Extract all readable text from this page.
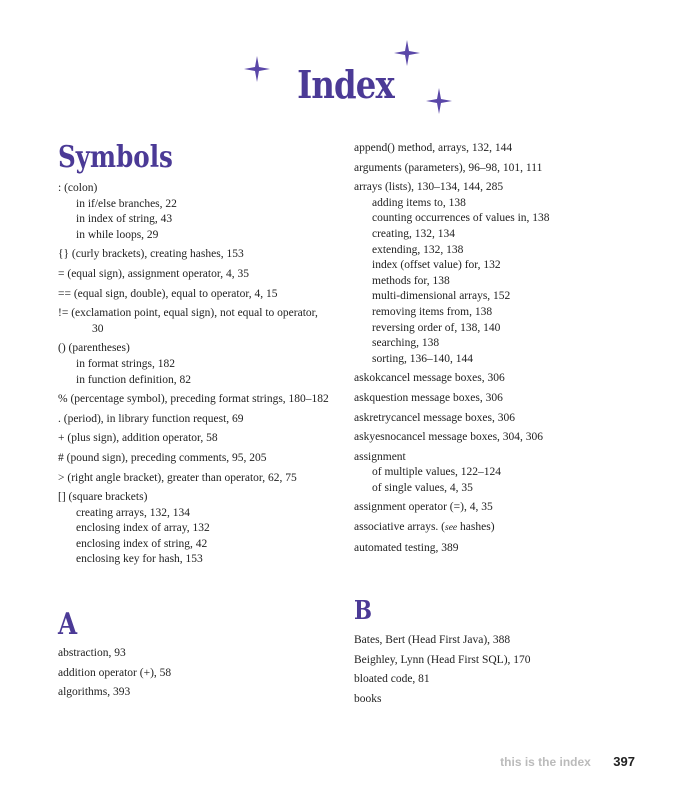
Index
Symbols

: (colon)

in if/else branches, 22

in index of string, 43

in while loops, 29

{} (curly brackets), creating hashes, 153

= (equal sign), assignment operator, 4, 35

== (equal sign, double), equal to operator, 4, 15

!= (exclamation point, equal sign), not equal to operator,

30

() (parentheses)

in format strings, 182

in function definition, 82

% (percentage symbol), preceding format strings, 180–182

. (period), in library function request, 69

+ (plus sign), addition operator, 58

# (pound sign), preceding comments, 95, 205

> (right angle bracket), greater than operator, 62, 75

[] (square brackets)

creating arrays, 132, 134

enclosing index of array, 132

enclosing index of string, 42

enclosing key for hash, 153

append() method, arrays, 132, 144

arguments (parameters), 96–98, 101, 111

arrays (lists), 130–134, 144, 285

adding items to, 138

counting occurrences of values in, 138

creating, 132, 134

extending, 132, 138

index (offset value) for, 132

methods for, 138

multi-dimensional arrays, 152

removing items from, 138

reversing order of, 138, 140

searching, 138

sorting, 136–140, 144

askokcancel message boxes, 306

askquestion message boxes, 306

askretrycancel message boxes, 306

askyesnocancel message boxes, 304, 306

assignment

of multiple values, 122–124

of single values, 4, 35

assignment operator (=), 4, 35

associative arrays. (see hashes)

automated testing, 389

A

abstraction, 93

addition operator (+), 58

algorithms, 393

B

Bates, Bert (Head First Java), 388

Beighley, Lynn (Head First SQL), 170

bloated code, 81

books

this is the index 397
